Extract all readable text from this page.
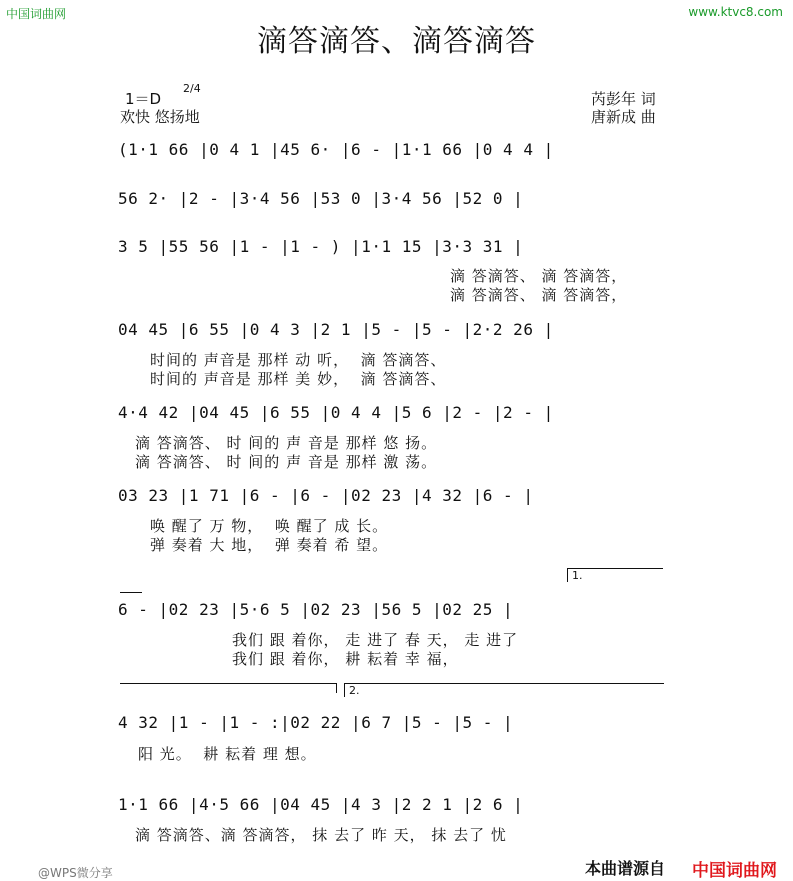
中国词曲网	www.ktvc8.com
滴答滴答、滴答滴答
1＝D
2/4
欢快 悠扬地
芮彭年 词
唐新成 曲
(1·1 66 |0 4 1 |45 6· |6 - |1·1 66 |0 4 4 |
56 2· |2 - |3·4 56 |53 0 |3·4 56 |52 0 |
3 5 |55 56 |1 - |1 - ) |1·1 15 |3·3 31 |
滴 答滴答、 滴 答滴答，
滴 答滴答、 滴 答滴答，
04 45 |6 55 |0 4 3 |2 1 |5 - |5 - |2·2 26 |
时间的 声音是 那样 动 听，  滴 答滴答、
时间的 声音是 那样 美 妙，  滴 答滴答、
4·4 42 |04 45 |6 55 |0 4 4 |5 6 |2 - |2 - |
滴 答滴答、 时 间的 声 音是 那样 悠 扬。
滴 答滴答、 时 间的 声 音是 那样 激 荡。
03 23 |1 71 |6 - |6 - |02 23 |4 32 |6 - |
唤 醒了 万 物，  唤 醒了 成 长。
弹 奏着 大 地，  弹 奏着 希 望。
1.
6 - |02 23 |5·6 5 |02 23 |56 5 |02 25 |
我们 跟 着你， 走 进了 春 天， 走 进了
我们 跟 着你， 耕 耘着 幸 福，
2.
4 32 |1 - |1 - :|02 22 |6 7 |5 - |5 - |
阳 光。  耕 耘着 理 想。
1·1 66 |4·5 66 |04 45 |4 3 |2 2 1 |2 6 |
滴 答滴答、滴 答滴答， 抹 去了 昨 天， 抹 去了 忧
@WPS微分享	本曲谱源自 中国词曲网
